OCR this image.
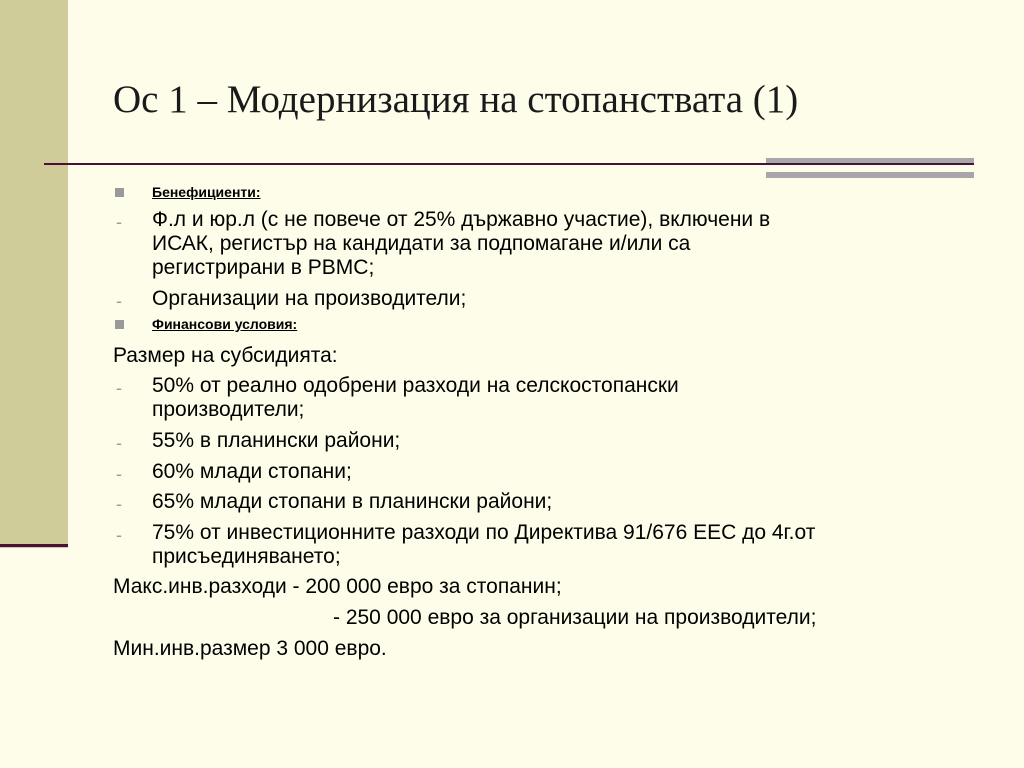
Ос 1 – Модернизация на стопанствата (1)
Бенефициенти:
- Ф.л и юр.л (с не повече от 25% държавно участие), включени в
ИСАК, регистър на кандидати за подпомагане и/или са
регистрирани в РВМС;
- Организации на производители;
Финансови условия:
Размер на субсидията:
- 50% от реално одобрени разходи на селскостопански
производители;
- 55% в планински райони;
- 60% млади стопани;
- 65% млади стопани в планински райони;
- 75% от инвестиционните разходи по Директива 91/676 ЕЕС до 4г.от
присъединяването;
Макс.инв.разходи - 200 000 евро за стопанин;
- 250 000 евро за организации на производители;
Мин.инв.размер 3 000 евро.
